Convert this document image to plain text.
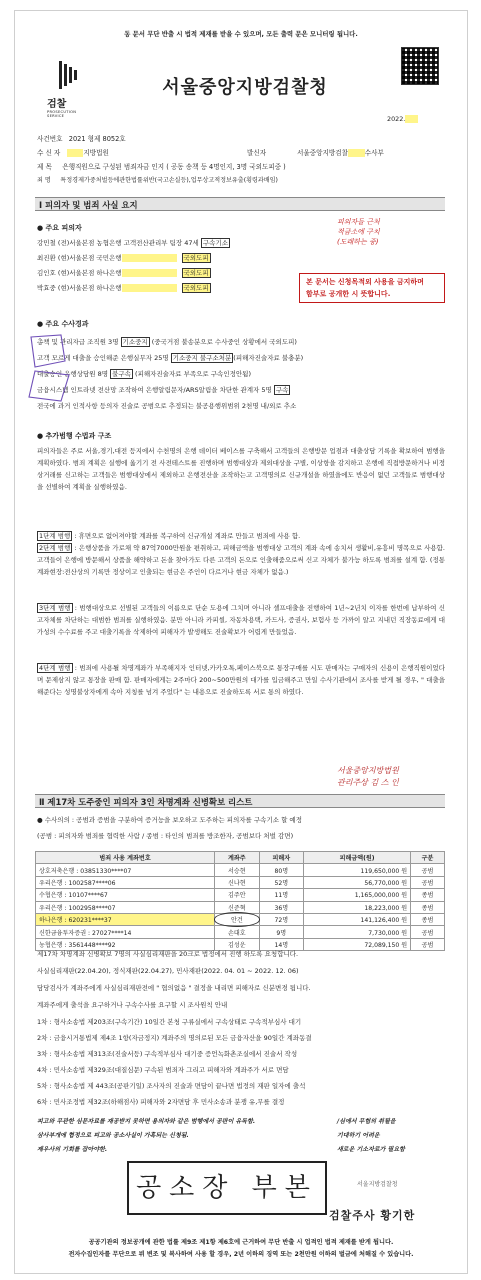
동 문서 무단 반출 시 법적 제재를 받을 수 있으며, 모든 출력 문은 모니터링 됩니다.
검찰
PROSECUTION SERVICE
서울중앙지방검찰청
2022.
사건번호 2021 형제 8052호
수 신 자	지방법원	발신자	서울중앙지방검찰	수사부
제 목 은행직원으로 구성된 범죄자금 인지 ( 공동 송책 등 4명인지, 3명 국외도피중 )
죄 명 특정경제가중처벌등에관한법률위반(국고손실등),업무상고적정보유출(횡령과배임)
Ⅰ 피의자 및 범죄 사실 요지
● 주요 피의자
강민철 (전)서울본점 농협은행 고객전산관리부 팀장 47세 구속기소
최진환 (현)서울본점 국민은행	국외도피
김인호 (현)서울본점 하나은행	국외도피
박효중 (현)서울본점 하나은행	국외도피
피의자들 근처
적금소에 구치
(도래하는 중)
본 문서는 신청목적외 사용을 금지하며
함부로 공개한 시 뜻합니다.
● 주요 수사경과
총책 및 관리자급 조직원 3명 기소중지 (중국거점 불송분으로 수사중인 상황에서 국외도피)
고객 모르게 대출을 승인해준 은행실무자 25명 기소중지 불구소처분 (피해자진술자료 불충분)
대출승인 은행상담원 8명 불구속 (피해자진술자료 부족으로 구속인정안됨)
금융시스템 인트라넷 전산망 조작하여 은행알림문자/ARS알림을 차단한 관계자 5명 구속
전국에 과거 인적사항 등의자 진술로 공범으로 추정되는 불공용행위범위 2천명 내/외로 추소
● 추가범행 수법과 구조
피의자들은 주로 서울,경기,대전 등지에서 수천명의 은행 데이터 베이스를 구축해서 고객들의 은행방문 업점과 대출상담 기록을 확보하여 범행을 계획하였다. 범죄 계획은 실행에 옮기기 전 사전테스트를 진행하며 범행대상과 제외대상을 구별, 이상항을 감지하고 은행에 직접방문하거나 비정상거래를 신고하는 고객들은 범행대상에서 제외하고 은행전산을 조작하는고 고객명의로 신규개설을 하였을에도 반응이 없던 고객들로 범행대상을 선별하여 계획을 실행하였음.
1단계 범행 : 휴면으로 없어져야할 계좌를 복구하여 신규개설 계좌로 만들고 범죄에 사용 함.
2단계 범행 : 은행상품을 가로채 약 87억7000만원을 편취하고, 피해금액을 범행대상 고객의 계좌 속에 송치서 생활비,유흥비 명목으로 사용함. 고객들이 은행에 방문해서 상품을 해약하고 돈을 찾아가도 다른 고객의 돈으로 인출해줌으로써 신고 자체가 불가능 하도록 범죄를 설계 함. (정통계좌현장:전산상의 기록만 정상이고 인출되는 현금은 주인이 다르거나 현금 자체가 없음.)
3단계 범행 : 범행대상으로 선별된 고객들의 이름으로 단순 도용에 그치며 아니라 셀프대출을 진행하여 1년~2년치 이자를 한번에 납부하여 신고자체를 차단하는 대범한 범죄를 실행하였음. 분만 아니라 카피씰, 자동차용택, 카드사, 증권사, 보험사 등 가까이 알고 지내던 직장동료에게 대가성의 수수료를 주고 대출기록을 삭제하여 피해자가 발생해도 진술확보가 어렵게 만들었음.
4단계 범행 : 범죄에 사용될 차명계좌가 부족해지자 인터넷,카카오톡,페이스북으로 통장구매를 시도 판매자는 구매자의 신용이 은행직원이었다며 문제삼지 않고 통장을 판매 함. 판매자에게는 2주마다 200~500만원의 대가를 입금해주고 만일 수사기관에서 조사를 받게 될 경우, " 대출을 해준다는 성명불상자에게 속아 지칭를 넘겨 주었다" 는 내용으로 진술하도록 서로 통의 하였다.
서울중앙지방법원
관리주상 김 스 인
Ⅱ 제17차 도주중인 피의자 3인 차명계좌 신병확보 리스트
● 수사의의 : 공범과 증범을 구분하여 증거능을 보오하고 도주하는 피의자를 구속기소 할 예정
(공범 : 피의자와 범죄를 협력한 사람 / 종범 : 타인의 범죄를 방조한자, 공범보다 처벌 감면)
범죄 사용 계좌번호	계좌주	피해자	피해금액(원)	구분
상호저축은행 : 03851330****07	서승현	80명	119,650,000 원	공범
우리은행 : 1002587****06	신나현	52명	56,770,000 원	공범
수협은행 : 10107****67	김주안	11명	1,165,000,000 원	종범
우리은행 : 1002958****07	신준혁	36명	18,223,000 원	종범
하나은행 : 620231****37	안건	72명	141,126,400 원	종범
신한금융투자증권 : 27027****14	손대호	9명	7,730,000 원	공범
농협은행 : 3561448****92	김성운	14명	72,089,150 원	공범
제17차 차명계좌 신병확보 7명의 사실심리재판을 20크로 법정에서 진행 하도록 요청합니다.
사실심리재판(22.04.20), 정식재판(22.04.27), 민사재판(2022. 04. 01 ~ 2022. 12. 06)
담당검사가 계좌주에게 사실심리재판전에 " 협의없음 " 결정을 내리면 피해자로 신분변경 됩니다.
계좌주에게 출석을 요구하거나 구속수사를 요구할 시 조사원칙 안내
1차 : 형사소송법 제203조(구속기간) 10일간 본청 구류실에서 구속상태로 구속적부심사 대기
2차 : 금융시거통법제 제4조 1항(자금정지) 계좌주의 명의로된 모든 금융자산을 90일간 계좌동결
3차 : 형사소송법 제313조(진술서등) 구속적부심사 대기중 증언녹화촌조실에서 진술서 작성
4차 : 민사소송법 제329조(대질심문) 구속된 범죄자 그리고 피해자와 계좌주가 서로 면담
5차 : 형사소송법 제 443조(공판기일) 조사자의 진술과 면담이 끝나면 법정의 재판 일자에 출석
6차 : 민사조정법 제32조(하해점사) 피해자와 2자면담 후 민사소송과 분쟁 유,무를 결정
피고와 무관한 심문자료를 재공받지 못하면 용의자와 같은 범행에서 공판이 유독함.
삼사부개에 협정으로 피고와 공소사실이 가혹되는 신청됨.
제우사의 기회를 잡아야한.
/심에서 무험의 취될을
기대하기 어려운
새로운 기소자료가 필요함
공소장 부본	서울지방검찰청
검찰주사 황기한
공공기관의 정보공개에 관한 법률 제9조 제1항 제6호에 근거하여 무단 반출 시 업적인 법적 제재를 받게 됩니다.
전자수집인자를 무단으로 뷔 변조 및 복사하여 사용 할 경우, 2년 이하의 징역 또는 2천만원 이하의 벌금에 처해질 수 있습니다.
